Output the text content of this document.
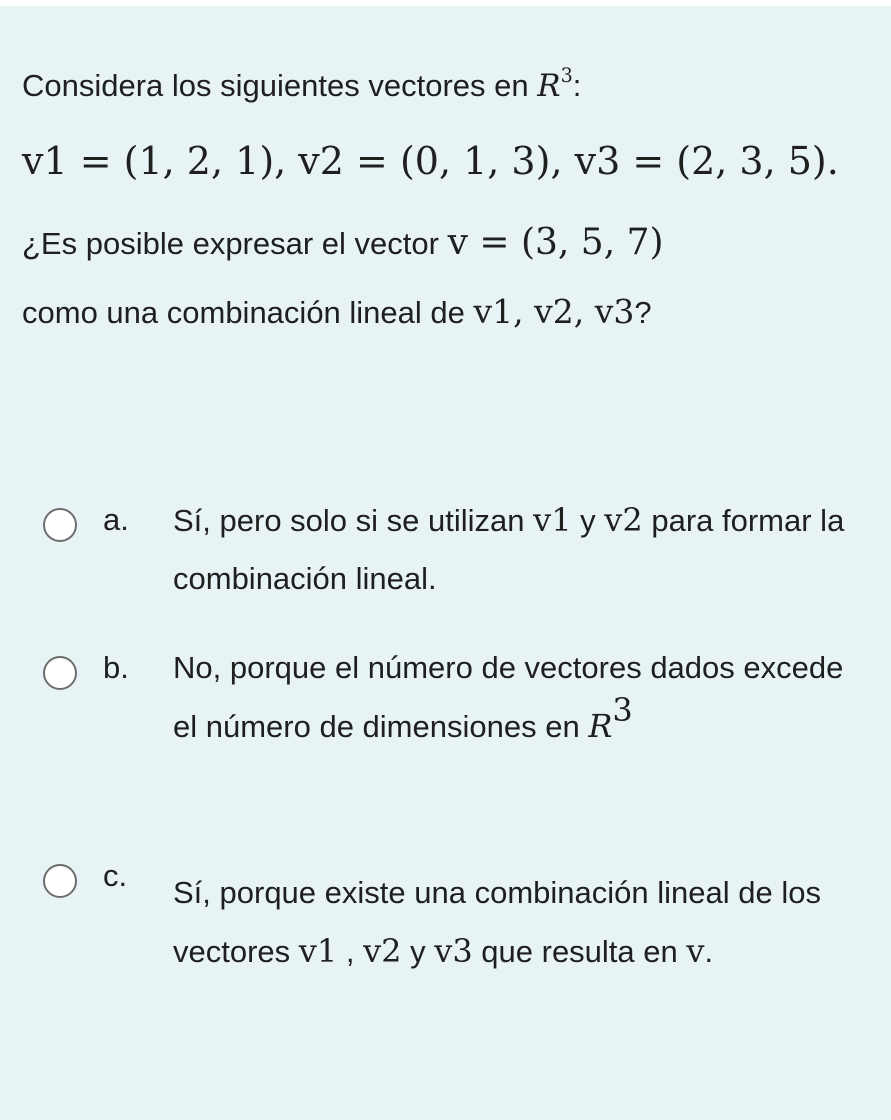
Considera los siguientes vectores en $R^3$:
v1 = (1, 2, 1), v2 = (0, 1, 3), v3 = (2, 3, 5).
¿Es posible expresar el vector v = (3, 5, 7)
como una combinación lineal de v1, v2, v3?
a. Sí, pero solo si se utilizan v1 y v2 para formar la combinación lineal.
b. No, porque el número de vectores dados excede el número de dimensiones en $R^3$
c. Sí, porque existe una combinación lineal de los vectores v1 , v2 y v3 que resulta en v.
